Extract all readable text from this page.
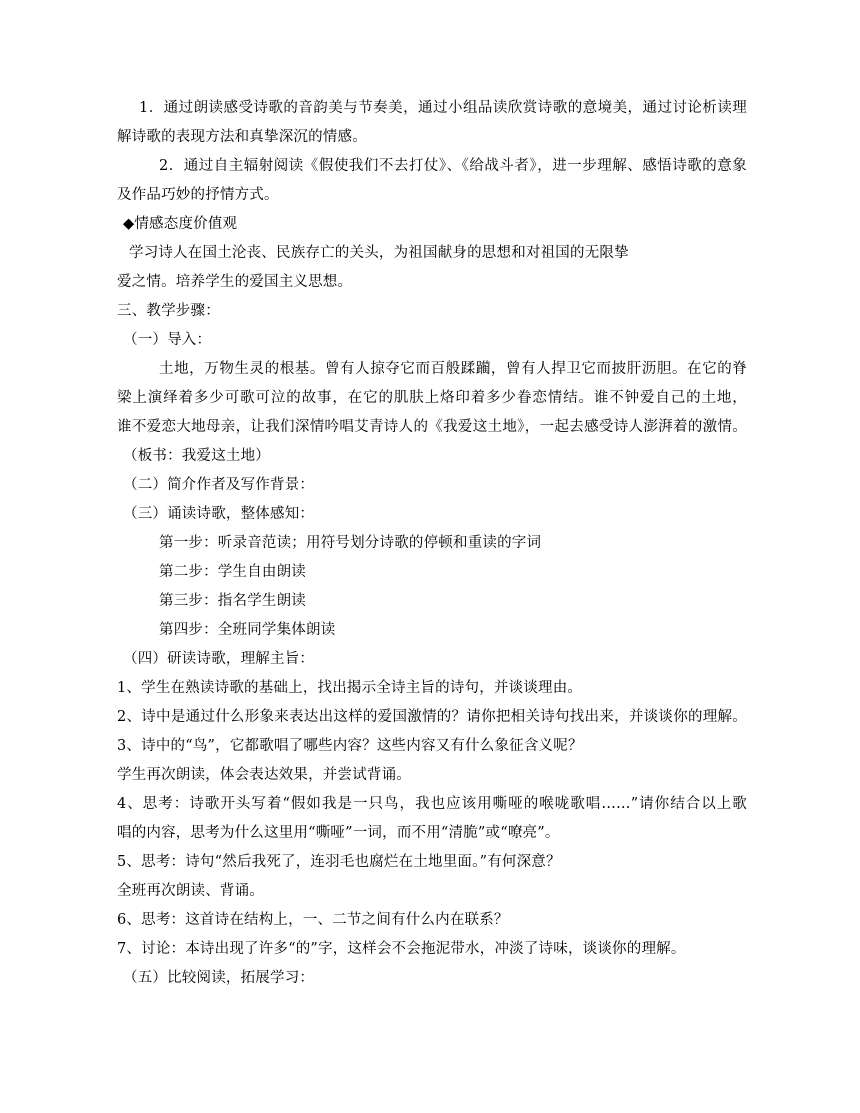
1．通过朗读感受诗歌的音韵美与节奏美，通过小组品读欣赏诗歌的意境美，通过讨论析读理
解诗歌的表现方法和真挚深沉的情感。
2．通过自主辐射阅读《假使我们不去打仗》、《给战斗者》，进一步理解、感悟诗歌的意象
及作品巧妙的抒情方式。
◆情感态度价值观
学习诗人在国土沦丧、民族存亡的关头，为祖国献身的思想和对祖国的无限挚
爱之情。培养学生的爱国主义思想。
三、教学步骤：
（一）导入：
土地，万物生灵的根基。曾有人掠夺它而百般蹂躏，曾有人捍卫它而披肝沥胆。在它的脊
梁上演绎着多少可歌可泣的故事，在它的肌肤上烙印着多少眷恋情结。谁不钟爱自己的土地，
谁不爱恋大地母亲，让我们深情吟唱艾青诗人的《我爱这土地》，一起去感受诗人澎湃着的激情。
（板书：我爱这土地）
（二）简介作者及写作背景：
（三）诵读诗歌，整体感知：
第一步：听录音范读；用符号划分诗歌的停顿和重读的字词
第二步：学生自由朗读
第三步：指名学生朗读
第四步：全班同学集体朗读
（四）研读诗歌，理解主旨：
1、学生在熟读诗歌的基础上，找出揭示全诗主旨的诗句，并谈谈理由。
2、诗中是通过什么形象来表达出这样的爱国激情的？请你把相关诗句找出来，并谈谈你的理解。
3、诗中的“鸟”，它都歌唱了哪些内容？这些内容又有什么象征含义呢？
学生再次朗读，体会表达效果，并尝试背诵。
4、思考：诗歌开头写着“假如我是一只鸟，我也应该用嘶哑的喉咙歌唱……”请你结合以上歌
唱的内容，思考为什么这里用“嘶哑”一词，而不用“清脆”或“嘹亮”。
5、思考：诗句“然后我死了，连羽毛也腐烂在土地里面。”有何深意？
全班再次朗读、背诵。
6、思考：这首诗在结构上，一、二节之间有什么内在联系？
7、讨论：本诗出现了许多“的”字，这样会不会拖泥带水，冲淡了诗味，谈谈你的理解。
（五）比较阅读，拓展学习：
